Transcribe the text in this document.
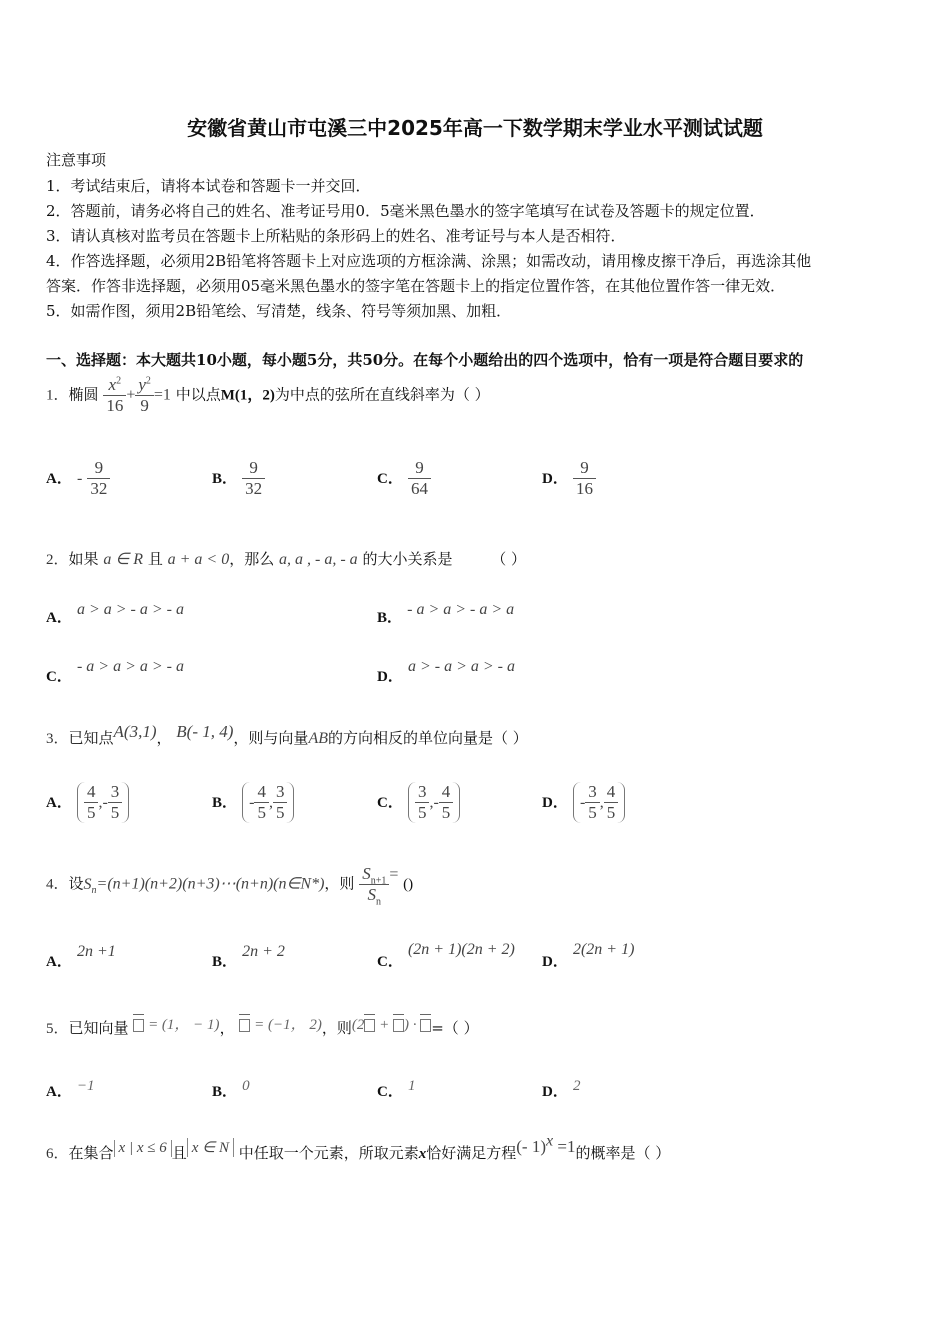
安徽省黄山市屯溪三中2025年高一下数学期末学业水平测试试题
注意事项
1．考试结束后，请将本试卷和答题卡一并交回．
2．答题前，请务必将自己的姓名、准考证号用0．5毫米黑色墨水的签字笔填写在试卷及答题卡的规定位置．
3．请认真核对监考员在答题卡上所粘贴的条形码上的姓名、准考证号与本人是否相符．
4．作答选择题，必须用2B铅笔将答题卡上对应选项的方框涂满、涂黑；如需改动，请用橡皮擦干净后，再选涂其他
答案．作答非选择题，必须用05毫米黑色墨水的签字笔在答题卡上的指定位置作答，在其他位置作答一律无效．
5．如需作图，须用2B铅笔绘、写清楚，线条、符号等须加黑、加粗．
一、选择题：本大题共10小题，每小题5分，共50分。在每个小题给出的四个选项中，恰有一项是符合题目要求的
1．椭圆 $\frac{x^2}{16} + \frac{y^2}{9} =1$ 中以点M(1，2)为中点的弦所在直线斜率为（ ）
A． - $\frac{9}{32}$	B． $\frac{9}{32}$	C． $\frac{9}{64}$	D． $\frac{9}{16}$
2．如果 a ∈ R 且 a + a < 0，那么 a, a , - a, - a 的大小关系是	（ ）
A． a > a > - a > - a	B． - a > a > - a > a
C． - a > a > a > - a
D． a > - a > a > - a
3．已知点A(3,1)， B(- 1, 4)，则与向量AB的方向相反的单位向量是（ ）
A． $\frac{4}{5}$ ,- $\frac{3}{5}$	B． - $\frac{4}{5}$ , $\frac{3}{5}$	C． $\frac{3}{5}$ ,- $\frac{4}{5}$	D． - $\frac{3}{5}$ , $\frac{4}{5}$
4．设$S_n=(n+1)(n+2)(n+3)\cdots(n+n)(n\in N*)$，则 $\frac{S_{n+1}}{S_n}$ = ()
A． 2n +1
B． 2n + 2
C． (2n + 1)(2n + 2)
D． 2(2n + 1)
5．已知向量 = (1， − 1)，  = (−1， 2)，则(2 + ) · =（ ）
A． −1	B． 0	C． 1	D． 2
6．在集合 x | x ≤ 6 且 x ∈ N 中任取一个元素，所取元素x恰好满足方程(- 1)$^x$ =1的概率是（ ）
